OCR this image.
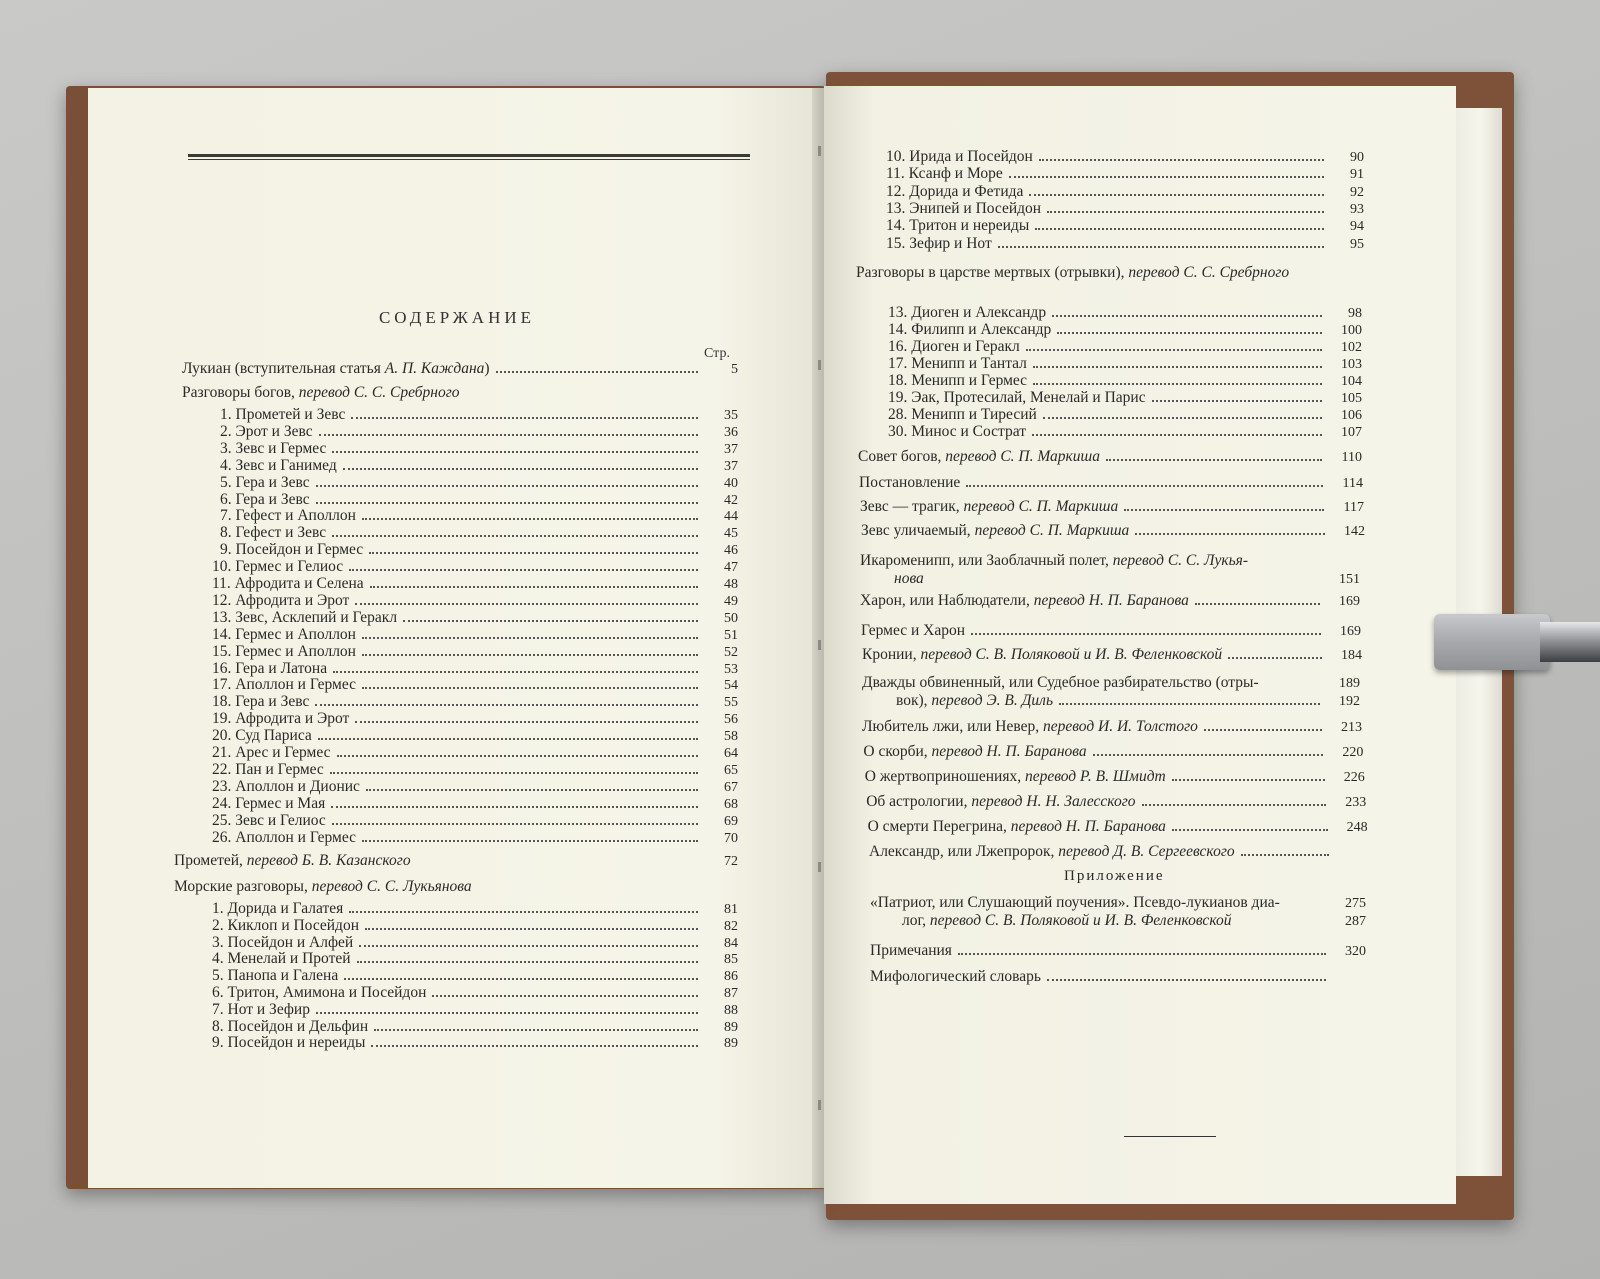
СОДЕРЖАНИЕ
Стр.
Лукиан (вступительная статья А. П. Каждана)	5
Разговоры богов, перевод С. С. Сребрного
1. Прометей и Зевс	35
2. Эрот и Зевс	36
3. Зевс и Гермес	37
4. Зевс и Ганимед	37
5. Гера и Зевс	40
6. Гера и Зевс	42
7. Гефест и Аполлон	44
8. Гефест и Зевс	45
9. Посейдон и Гермес	46
10. Гермес и Гелиос	47
11. Афродита и Селена	48
12. Афродита и Эрот	49
13. Зевс, Асклепий и Геракл	50
14. Гермес и Аполлон	51
15. Гермес и Аполлон	52
16. Гера и Латона	53
17. Аполлон и Гермес	54
18. Гера и Зевс	55
19. Афродита и Эрот	56
20. Суд Париса	58
21. Арес и Гермес	64
22. Пан и Гермес	65
23. Аполлон и Дионис	67
24. Гермес и Мая	68
25. Зевс и Гелиос	69
26. Аполлон и Гермес	70
Прометей, перевод Б. В. Казанского	72
Морские разговоры, перевод С. С. Лукьянова
1. Дорида и Галатея	81
2. Киклоп и Посейдон	82
3. Посейдон и Алфей	84
4. Менелай и Протей	85
5. Панопа и Галена	86
6. Тритон, Амимона и Посейдон	87
7. Нот и Зефир	88
8. Посейдон и Дельфин	89
9. Посейдон и нереиды	89
10. Ирида и Посейдон	90
11. Ксанф и Море	91
12. Дорида и Фетида	92
13. Энипей и Посейдон	93
14. Тритон и нереиды	94
15. Зефир и Нот	95
Разговоры в царстве мертвых (отрывки), перевод С. С. Сребрного
13. Диоген и Александр	98
14. Филипп и Александр	100
16. Диоген и Геракл	102
17. Менипп и Тантал	103
18. Менипп и Гермес	104
19. Эак, Протесилай, Менелай и Парис	105
28. Менипп и Тиресий	106
30. Минос и Сострат	107
Совет богов, перевод С. П. Маркиша	110
Постановление	114
Зевс — трагик, перевод С. П. Маркиша	117
Зевс уличаемый, перевод С. П. Маркиша	142
Икароменипп, или Заоблачный полет, перевод С. С. Лукья-
нова	151
Харон, или Наблюдатели, перевод Н. П. Баранова	169
Гермес и Харон	169
Кронии, перевод С. В. Поляковой и И. В. Феленковской	184
Дважды обвиненный, или Судебное разбирательство (отры-	189
вок), перевод Э. В. Диль	192
Любитель лжи, или Невер, перевод И. И. Толстого	213
О скорби, перевод Н. П. Баранова	220
О жертвоприношениях, перевод Р. В. Шмидт	226
Об астрологии, перевод Н. Н. Залесского	233
О смерти Перегрина, перевод Н. П. Баранова	248
Александр, или Лжепророк, перевод Д. В. Сергеевского
Приложение
«Патриот, или Слушающий поучения». Псевдо-лукианов диа-	275
лог, перевод С. В. Поляковой и И. В. Феленковской	287
Примечания	320
Мифологический словарь
